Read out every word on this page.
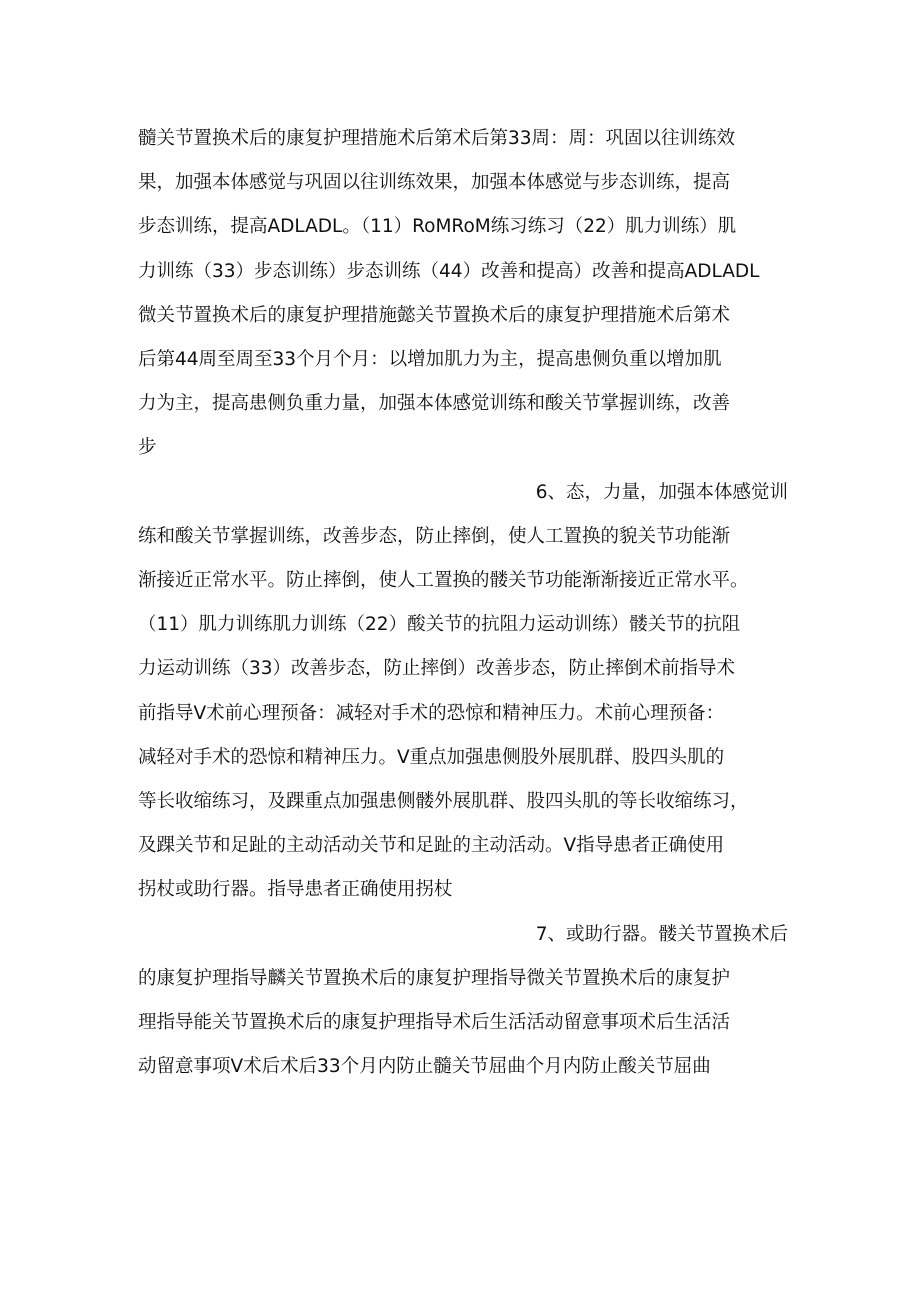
髓关节置换术后的康复护理措施术后第术后第33周：周：巩固以往训练效
果，加强本体感觉与巩固以往训练效果，加强本体感觉与步态训练，提高
步态训练，提高ADLADL。（11）RoMRoM练习练习（22）肌力训练）肌
力训练（33）步态训练）步态训练（44）改善和提高）改善和提高ADLADL
微关节置换术后的康复护理措施懿关节置换术后的康复护理措施术后第术
后第44周至周至33个月个月：以增加肌力为主，提高患侧负重以增加肌
力为主，提高患侧负重力量，加强本体感觉训练和酸关节掌握训练，改善
步
6、态，力量，加强本体感觉训
练和酸关节掌握训练，改善步态，防止摔倒，使人工置换的貌关节功能渐
渐接近正常水平。防止摔倒，使人工置换的髅关节功能渐渐接近正常水平。
（11）肌力训练肌力训练（22）酸关节的抗阻力运动训练）髅关节的抗阻
力运动训练（33）改善步态，防止摔倒）改善步态，防止摔倒术前指导术
前指导V术前心理预备：减轻对手术的恐惊和精神压力。术前心理预备：
减轻对手术的恐惊和精神压力。V重点加强患侧股外展肌群、股四头肌的
等长收缩练习，及踝重点加强患侧髅外展肌群、股四头肌的等长收缩练习，
及踝关节和足趾的主动活动关节和足趾的主动活动。V指导患者正确使用
拐杖或助行器。指导患者正确使用拐杖
7、或助行器。髅关节置换术后
的康复护理指导麟关节置换术后的康复护理指导微关节置换术后的康复护
理指导能关节置换术后的康复护理指导术后生活活动留意事项术后生活活
动留意事项V术后术后33个月内防止髓关节屈曲个月内防止酸关节屈曲
